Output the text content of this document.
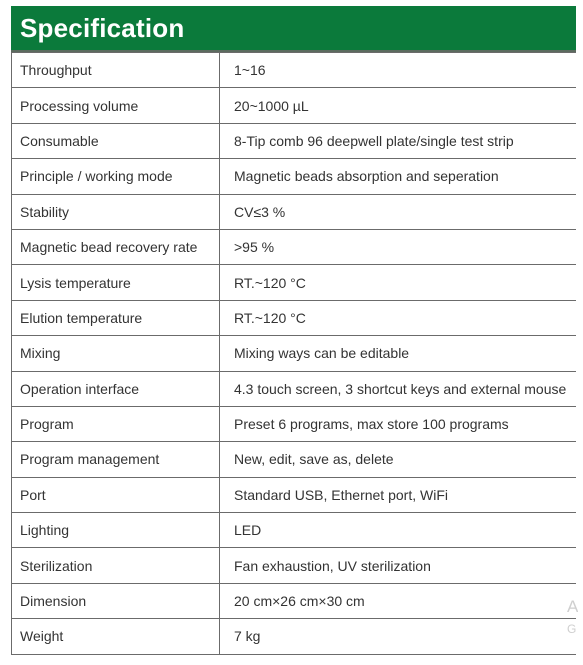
Specification
Throughput	1~16
Processing volume	20~1000 µL
Consumable	8-Tip comb 96 deepwell plate/single test strip
Principle / working mode	Magnetic beads absorption and seperation
Stability	CV≤3 %
Magnetic bead recovery rate	>95 %
Lysis temperature	RT.~120 °C
Elution temperature	RT.~120 °C
Mixing	Mixing ways can be editable
Operation interface	4.3 touch screen, 3 shortcut keys and external mouse
Program	Preset 6 programs, max store 100 programs
Program management	New, edit, save as, delete
Port	Standard USB, Ethernet port, WiFi
Lighting	LED
Sterilization	Fan exhaustion, UV sterilization
Dimension	20 cm×26 cm×30 cm
Weight	7 kg
A
G
